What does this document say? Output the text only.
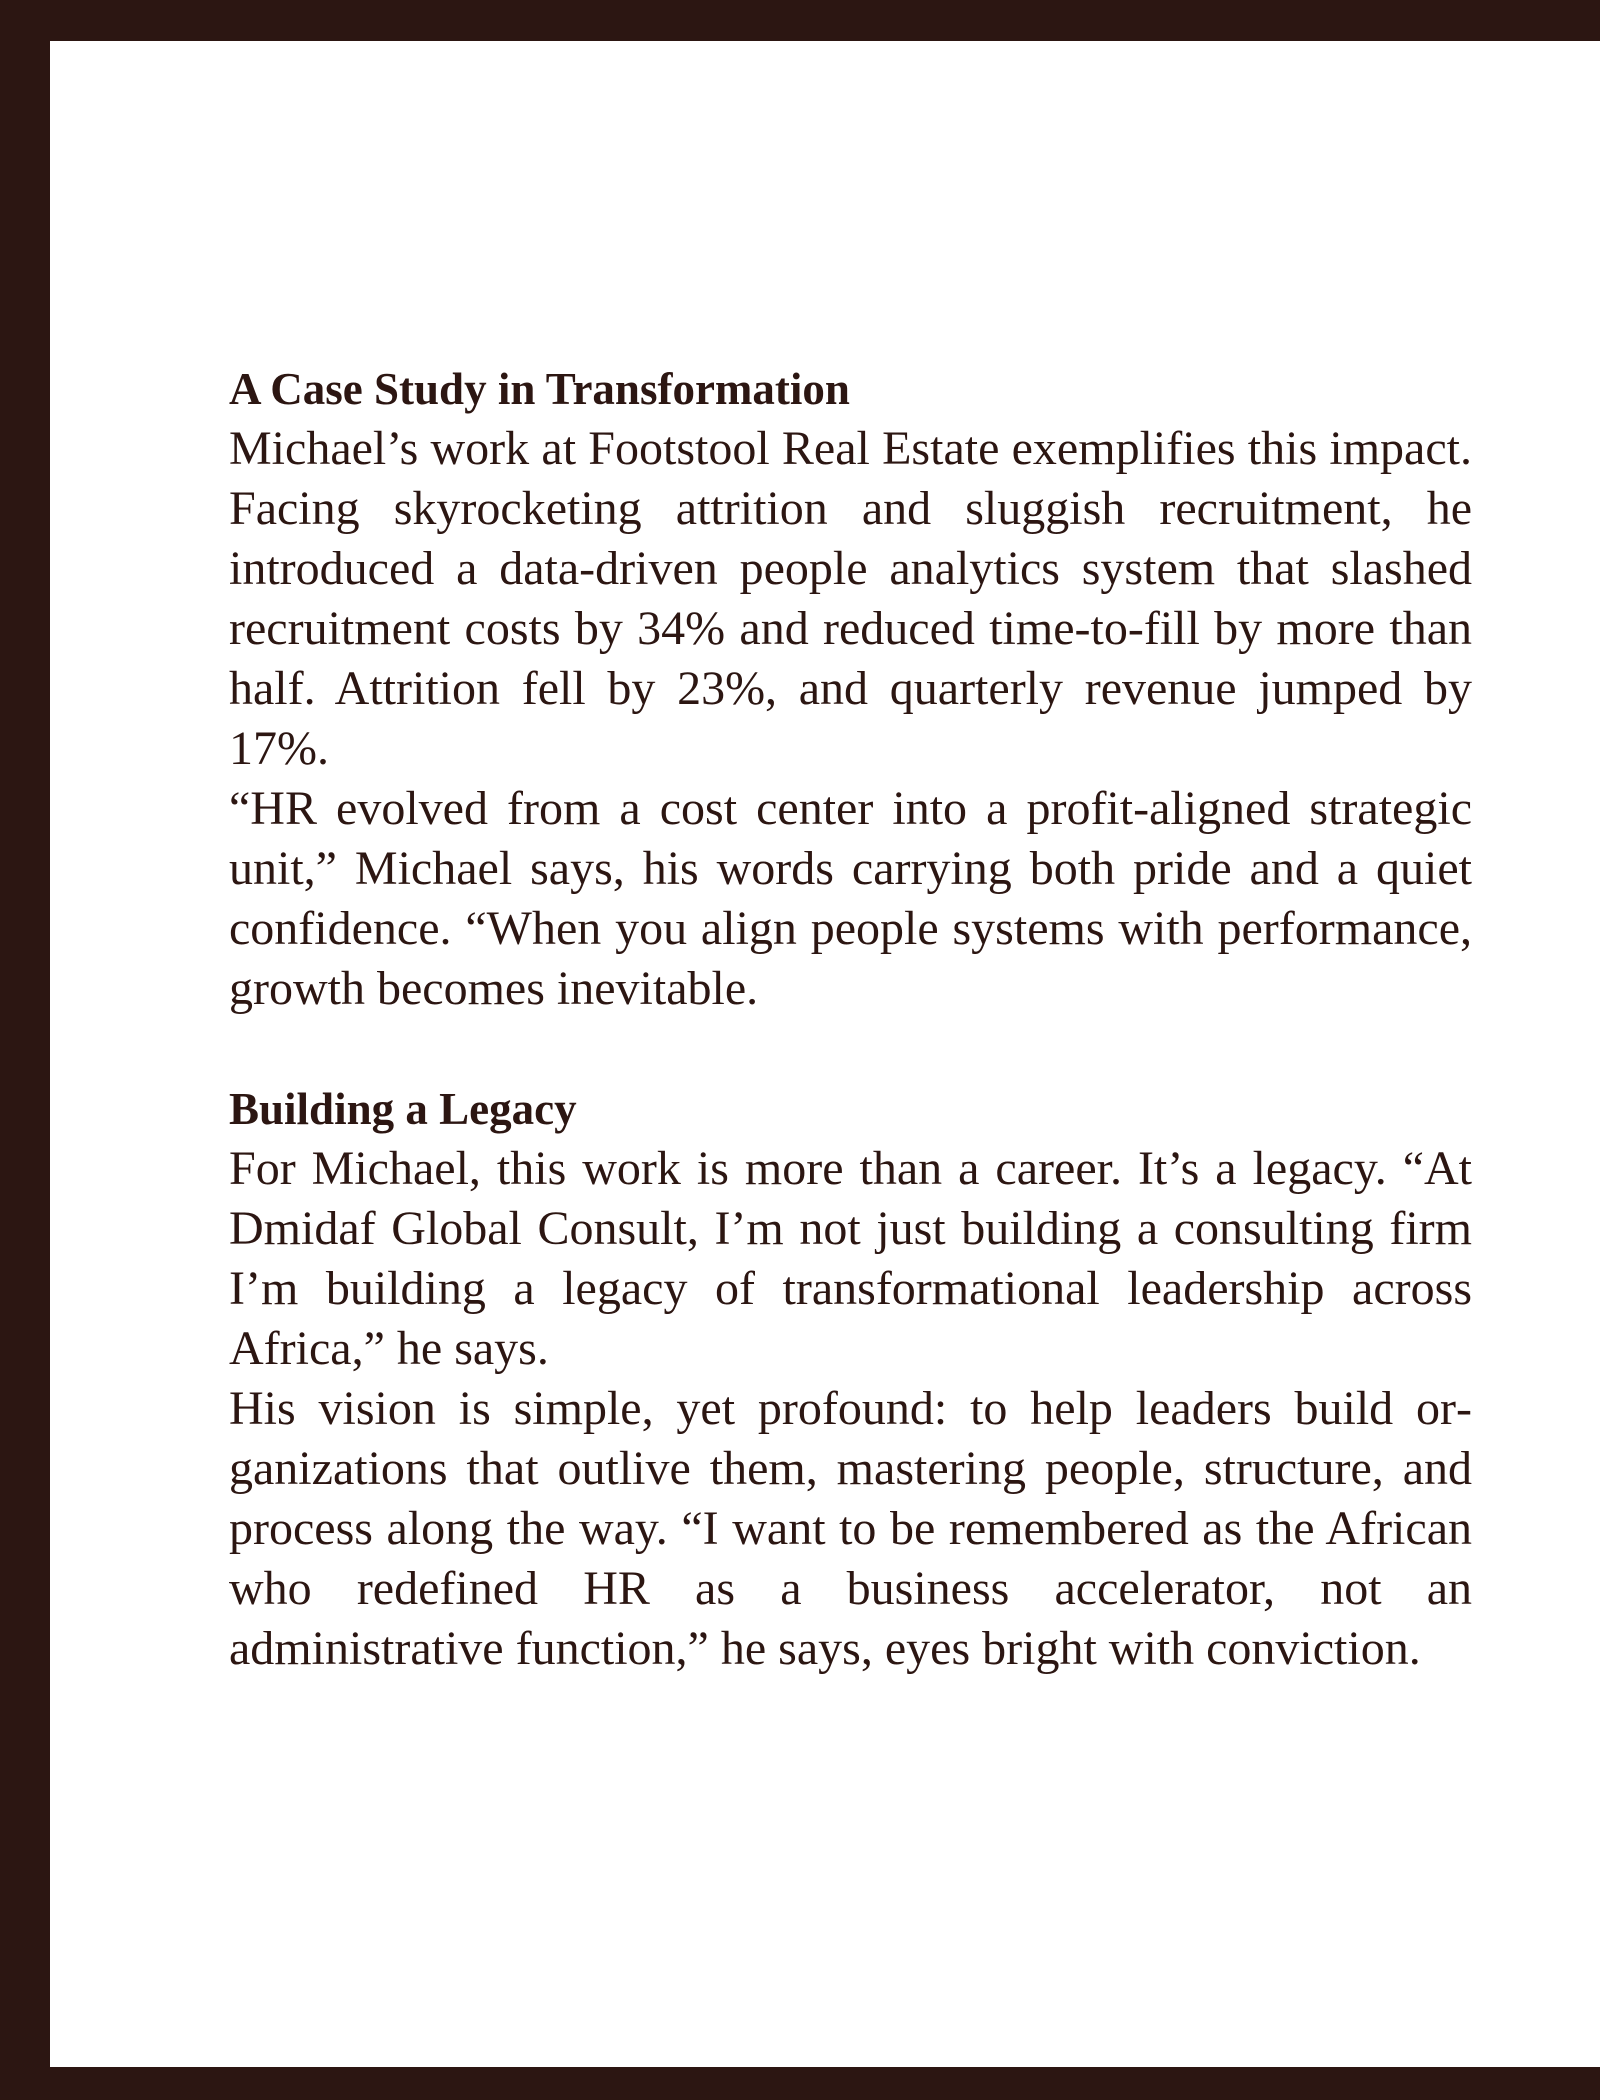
A Case Study in Transformation

Michael’s work at Footstool Real Estate exemplifies this impact. Facing skyrocketing attrition and sluggish recruitment, he introduced a data-driven people analytics system that slashed recruitment costs by 34% and reduced time-to-fill by more than half. Attrition fell by 23%, and quarterly revenue jumped by 17%.

“HR evolved from a cost center into a profit-aligned strategic unit,” Michael says, his words carrying both pride and a quiet confidence. “When you align people systems with performance, growth becomes inevitable.

Building a Legacy

For Michael, this work is more than a career. It’s a legacy. “At Dmidaf Global Consult, I’m not just building a consulting firm I’m building a legacy of transformational leadership across Africa,” he says.

His vision is simple, yet profound: to help leaders build organizations that outlive them, mastering people, structure, and process along the way. “I want to be remembered as the African who redefined HR as a business accelerator, not an administrative function,” he says, eyes bright with conviction.
